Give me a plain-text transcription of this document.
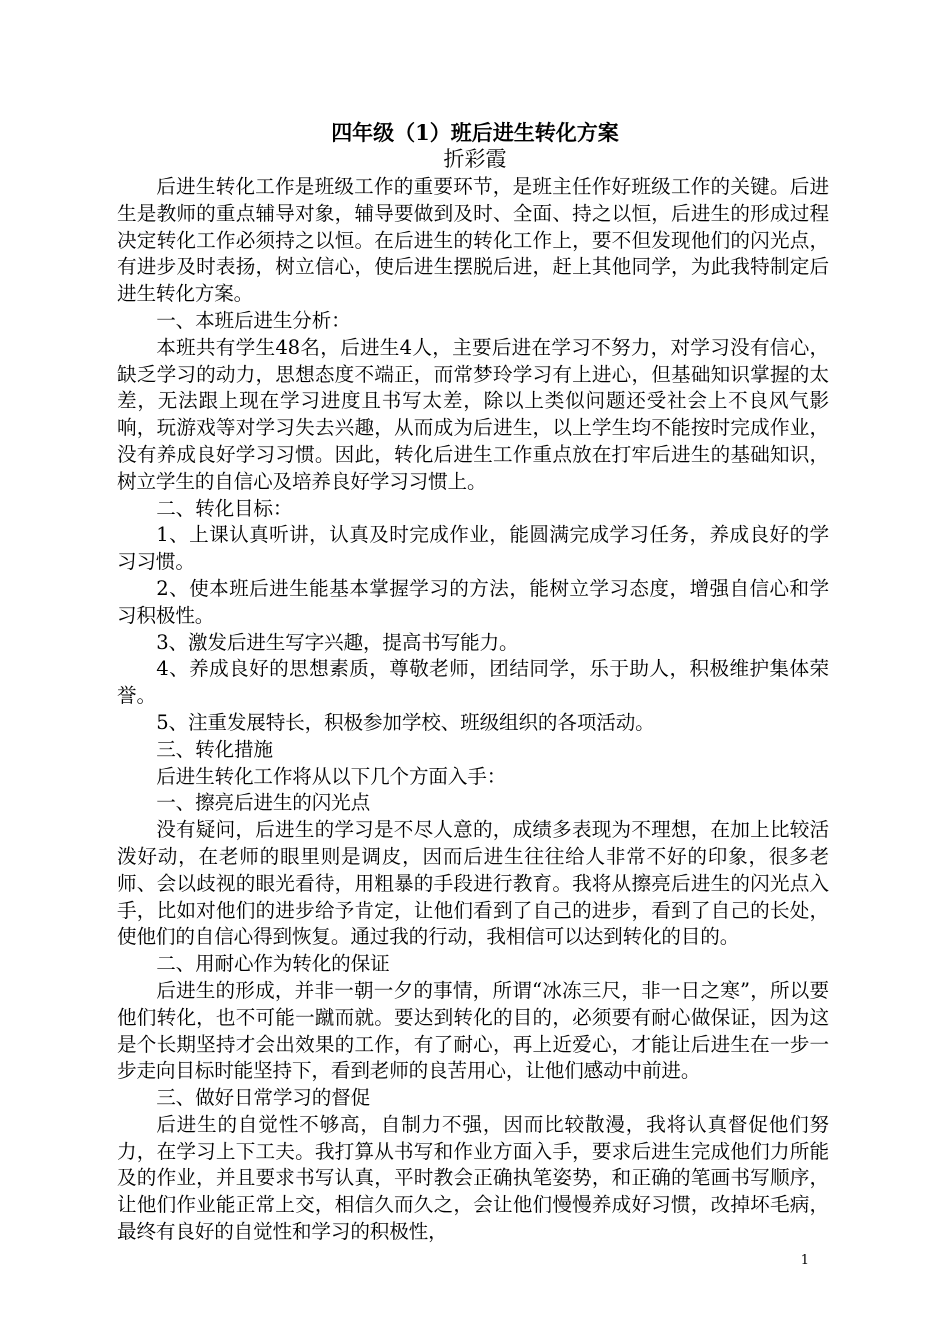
四年级（1）班后进生转化方案
折彩霞

后进生转化工作是班级工作的重要环节，是班主任作好班级工作的关键。后进生是教师的重点辅导对象，辅导要做到及时、全面、持之以恒，后进生的形成过程决定转化工作必须持之以恒。在后进生的转化工作上，要不但发现他们的闪光点，有进步及时表扬，树立信心，使后进生摆脱后进，赶上其他同学，为此我特制定后进生转化方案。

一、本班后进生分析：

本班共有学生48名，后进生4人，主要后进在学习不努力，对学习没有信心，缺乏学习的动力，思想态度不端正，而常梦玲学习有上进心，但基础知识掌握的太差，无法跟上现在学习进度且书写太差，除以上类似问题还受社会上不良风气影响，玩游戏等对学习失去兴趣，从而成为后进生，以上学生均不能按时完成作业，没有养成良好学习习惯。因此，转化后进生工作重点放在打牢后进生的基础知识，树立学生的自信心及培养良好学习习惯上。

二、转化目标：

1、上课认真听讲，认真及时完成作业，能圆满完成学习任务，养成良好的学习习惯。

2、使本班后进生能基本掌握学习的方法，能树立学习态度，增强自信心和学习积极性。

3、激发后进生写字兴趣，提高书写能力。

4、养成良好的思想素质，尊敬老师，团结同学，乐于助人，积极维护集体荣誉。

5、注重发展特长，积极参加学校、班级组织的各项活动。

三、转化措施

后进生转化工作将从以下几个方面入手：

一、擦亮后进生的闪光点

没有疑问，后进生的学习是不尽人意的，成绩多表现为不理想，在加上比较活泼好动，在老师的眼里则是调皮，因而后进生往往给人非常不好的印象，很多老师、会以歧视的眼光看待，用粗暴的手段进行教育。我将从擦亮后进生的闪光点入手，比如对他们的进步给予肯定，让他们看到了自己的进步，看到了自己的长处，使他们的自信心得到恢复。通过我的行动，我相信可以达到转化的目的。

二、用耐心作为转化的保证

后进生的形成，并非一朝一夕的事情，所谓“冰冻三尺，非一日之寒”，所以要他们转化，也不可能一蹴而就。要达到转化的目的，必须要有耐心做保证，因为这是个长期坚持才会出效果的工作，有了耐心，再上近爱心，才能让后进生在一步一步走向目标时能坚持下，看到老师的良苦用心，让他们感动中前进。

三、做好日常学习的督促

后进生的自觉性不够高，自制力不强，因而比较散漫，我将认真督促他们努力，在学习上下工夫。我打算从书写和作业方面入手，要求后进生完成他们力所能及的作业，并且要求书写认真，平时教会正确执笔姿势，和正确的笔画书写顺序，让他们作业能正常上交，相信久而久之，会让他们慢慢养成好习惯，改掉坏毛病，最终有良好的自觉性和学习的积极性，

1
